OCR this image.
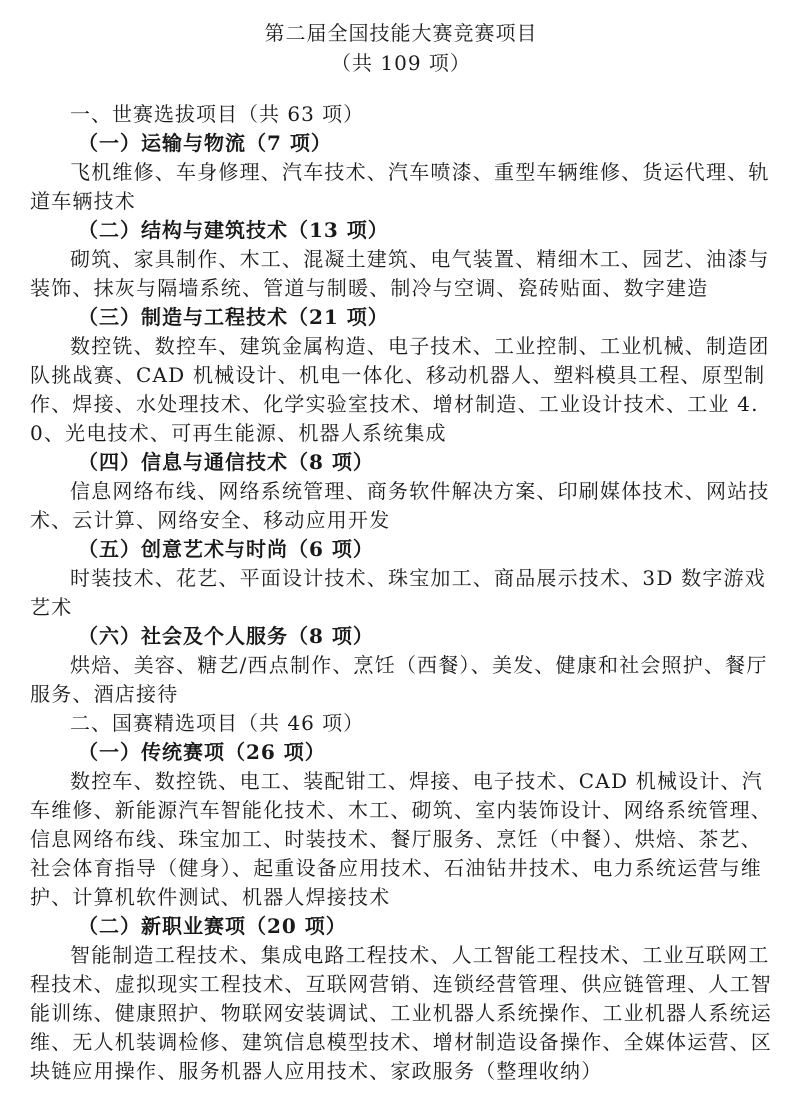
第二届全国技能大赛竞赛项目

（共 109 项）

一、世赛选拔项目（共 63 项）

（一）运输与物流（7 项）

飞机维修、车身修理、汽车技术、汽车喷漆、重型车辆维修、货运代理、轨道车辆技术

（二）结构与建筑技术（13 项）

砌筑、家具制作、木工、混凝土建筑、电气装置、精细木工、园艺、油漆与装饰、抹灰与隔墙系统、管道与制暖、制冷与空调、瓷砖贴面、数字建造

（三）制造与工程技术（21 项）

数控铣、数控车、建筑金属构造、电子技术、工业控制、工业机械、制造团队挑战赛、CAD 机械设计、机电一体化、移动机器人、塑料模具工程、原型制作、焊接、水处理技术、化学实验室技术、增材制造、工业设计技术、工业 4.0、光电技术、可再生能源、机器人系统集成

（四）信息与通信技术（8 项）

信息网络布线、网络系统管理、商务软件解决方案、印刷媒体技术、网站技术、云计算、网络安全、移动应用开发

（五）创意艺术与时尚（6 项）

时装技术、花艺、平面设计技术、珠宝加工、商品展示技术、3D 数字游戏艺术

（六）社会及个人服务（8 项）

烘焙、美容、糖艺/西点制作、烹饪（西餐）、美发、健康和社会照护、餐厅服务、酒店接待

二、国赛精选项目（共 46 项）

（一）传统赛项（26 项）

数控车、数控铣、电工、装配钳工、焊接、电子技术、CAD 机械设计、汽车维修、新能源汽车智能化技术、木工、砌筑、室内装饰设计、网络系统管理、信息网络布线、珠宝加工、时装技术、餐厅服务、烹饪（中餐）、烘焙、茶艺、社会体育指导（健身）、起重设备应用技术、石油钻井技术、电力系统运营与维护、计算机软件测试、机器人焊接技术

（二）新职业赛项（20 项）

智能制造工程技术、集成电路工程技术、人工智能工程技术、工业互联网工程技术、虚拟现实工程技术、互联网营销、连锁经营管理、供应链管理、人工智能训练、健康照护、物联网安装调试、工业机器人系统操作、工业机器人系统运维、无人机装调检修、建筑信息模型技术、增材制造设备操作、全媒体运营、区块链应用操作、服务机器人应用技术、家政服务（整理收纳）
